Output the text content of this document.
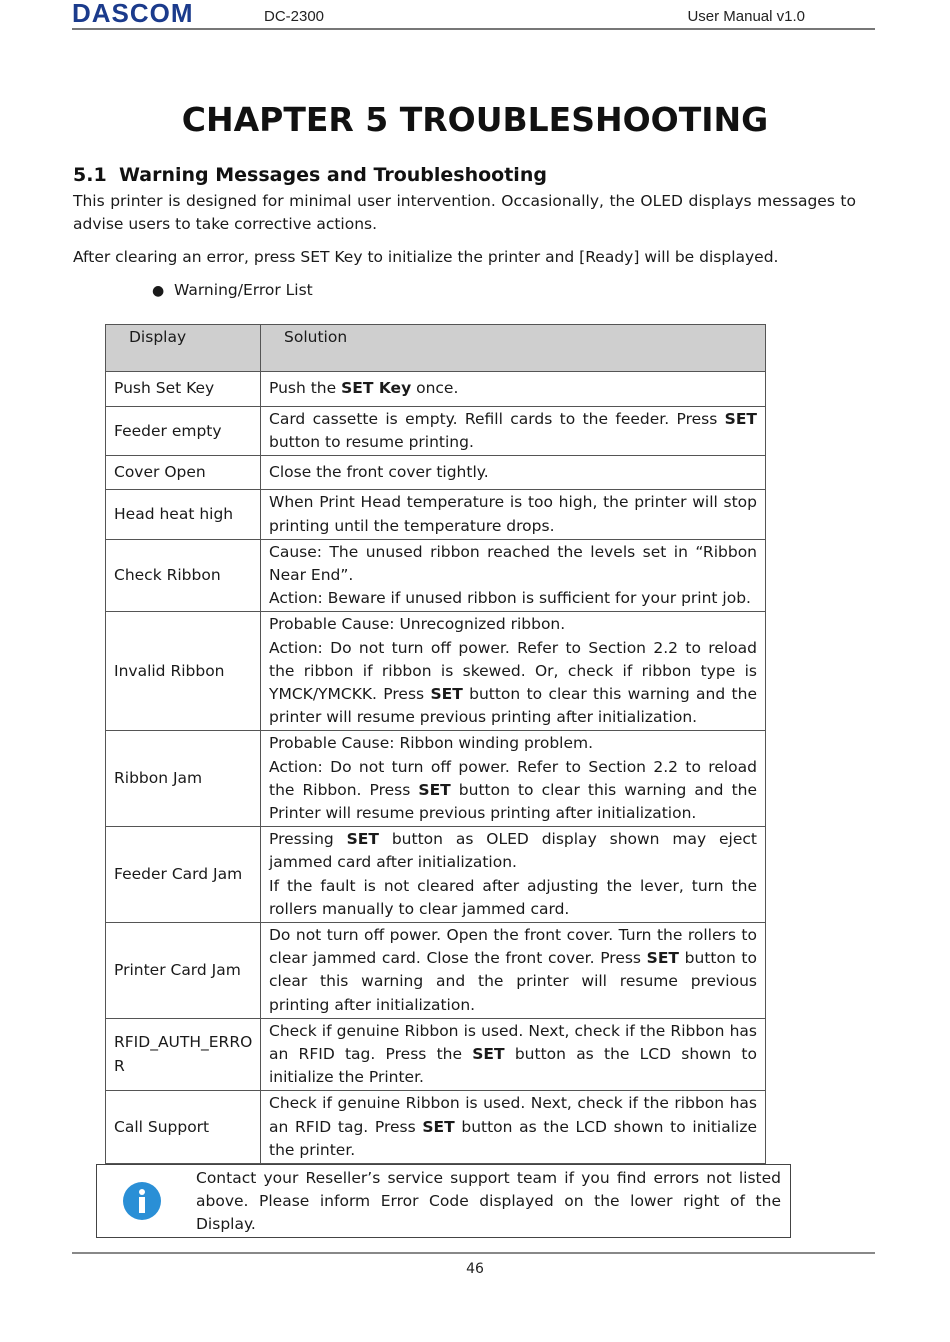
DASCOM	DC-2300	User Manual v1.0
CHAPTER 5 TROUBLESHOOTING
5.1 Warning Messages and Troubleshooting
This printer is designed for minimal user intervention. Occasionally, the OLED displays messages to advise users to take corrective actions.
After clearing an error, press SET Key to initialize the printer and [Ready] will be displayed.
● Warning/Error List
Display	Solution
Push Set Key	Push the SET Key once.
Feeder empty	Card cassette is empty. Refill cards to the feeder. Press SET button to resume printing.
Cover Open	Close the front cover tightly.
Head heat high	When Print Head temperature is too high, the printer will stop printing until the temperature drops.
Check Ribbon	Cause: The unused ribbon reached the levels set in “Ribbon Near End”.
Action: Beware if unused ribbon is sufficient for your print job.

Invalid Ribbon	Probable Cause: Unrecognized ribbon.
Action: Do not turn off power. Refer to Section 2.2 to reload the ribbon if ribbon is skewed. Or, check if ribbon type is YMCK/YMCKK. Press SET button to clear this warning and the printer will resume previous printing after initialization.

Ribbon Jam	Probable Cause: Ribbon winding problem.
Action: Do not turn off power. Refer to Section 2.2 to reload the Ribbon. Press SET button to clear this warning and the Printer will resume previous printing after initialization.

Feeder Card Jam	Pressing SET button as OLED display shown may eject jammed card after initialization.
If the fault is not cleared after adjusting the lever, turn the rollers manually to clear jammed card.

Printer Card Jam	Do not turn off power. Open the front cover. Turn the rollers to clear jammed card. Close the front cover. Press SET button to clear this warning and the printer will resume previous printing after initialization.
RFID_AUTH_ERROR	Check if genuine Ribbon is used. Next, check if the Ribbon has an RFID tag. Press the SET button as the LCD shown to initialize the Printer.
Call Support	Check if genuine Ribbon is used. Next, check if the ribbon has an RFID tag. Press SET button as the LCD shown to initialize the printer.
Contact your Reseller’s service support team if you find errors not listed above. Please inform Error Code displayed on the lower right of the Display.
46
